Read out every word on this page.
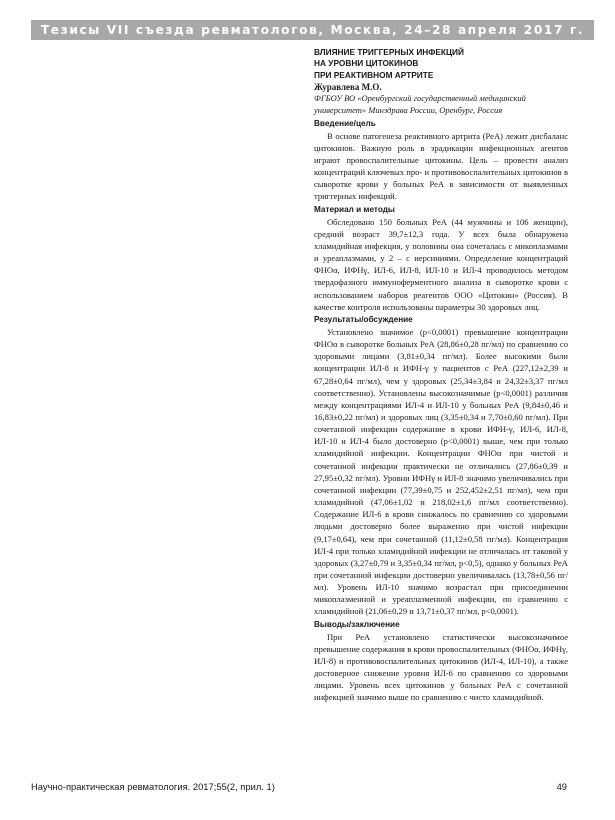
Тезисы VII съезда ревматологов, Москва, 24–28 апреля 2017 г.
ВЛИЯНИЕ ТРИГГЕРНЫХ ИНФЕКЦИЙ
НА УРОВНИ ЦИТОКИНОВ
ПРИ РЕАКТИВНОМ АРТРИТЕ
Журавлева М.О.
ФГБОУ ВО «Оренбургский государственный медицинский университет» Минздрава России, Оренбург, Россия
Введение/цель

В основе патогенеза реактивного артрита (РеА) лежит дисбаланс цитокинов. Важную роль в эрадикации инфекционных агентов играют провоспалительные цитокины. Цель – провести анализ концентраций ключевых про- и противовоспалительных цитокинов в сыворотке крови у больных РеА в зависимости от выявленных триггерных инфекций.

Материал и методы

Обследовано 150 больных РеА (44 мужчины и 106 женщин), средний возраст 39,7±12,3 года. У всех была обнаружена хламидийная инфекция, у половины она сочеталась с микоплазмами и уреаплазмами, у 2 – с иерсиниями. Определение концентраций ФНОα, ИФНγ, ИЛ-6, ИЛ-8, ИЛ-10 и ИЛ-4 проводилось методом твердофазного иммуноферментного анализа в сыворотке крови с использованием наборов реагентов ООО «Цитокин» (Россия). В качестве контроля использованы параметры 30 здоровых лиц.

Результаты/обсуждение

Установлено значимое (р<0,0001) превышение концентрации ФНОα в сыворотке больных РеА (28,86±0,28 пг/мл) по сравнению со здоровыми лицами (3,81±0,34 пг/мл). Более высокими были концентрации ИЛ-8 и ИФН-γ у пациентов с РеА (227,12±2,39 и 67,28±0,64 пг/мл), чем у здоровых (25,34±3,84 и 24,32±3,37 пг/мл соответственно). Установлены высокозначимые (р<0,0001) различия между концентрациями ИЛ-4 и ИЛ-10 у больных РеА (9,84±0,46 и 16,83±0,22 пг/мл) и здоровых лиц (3,35±0,34 и 7,70±0,60 пг/мл). При сочетанной инфекции содержание в крови ИФН-γ, ИЛ-6, ИЛ-8, ИЛ-10 и ИЛ-4 было достоверно (р<0,0001) выше, чем при только хламидийной инфекции. Концентрации ФНОα при чистой и сочетанной инфекции практически не отличались (27,86±0,39 и 27,95±0,32 пг/мл). Уровни ИФНγ и ИЛ-8 значимо увеличивались при сочетанной инфекции (77,39±0,75 и 252,452±2,51 пг/мл), чем при хламидийной (47,06±1,02 и 218,02±1,6 пг/мл соответственно). Содержание ИЛ-6 в крови снижалось по сравнению со здоровыми людьми достоверно более выраженно при чистой инфекции (9,17±0,64), чем при сочетанной (11,12±0,58 пг/мл). Концентрация ИЛ-4 при только хламидийной инфекции не отличалась от таковой у здоровых (3,27±0,79 и 3,35±0,34 пг/мл, р<0,5), однако у больных РеА при сочетанной инфекции достоверно увеличивалась (13,78±0,56 пг/мл). Уровень ИЛ-10 значимо возрастал при присоединении микоплазменной и уреаплазменной инфекции, по сравнению с хламидийной (21,06±0,29 и 13,71±0,37 пг/мл, р<0,0001).

Выводы/заключение

При РеА установлено статистически высокозначимое превышение содержания в крови провоспалительных (ФНОα, ИФНγ, ИЛ-8) и противовоспалительных цитокинов (ИЛ-4, ИЛ-10), а также достоверное снижение уровня ИЛ-6 по сравнению со здоровыми лицами. Уровень всех цитокинов у больных РеА с сочетанной инфекцией значимо выше по сравнению с чисто хламидийной.

Научно-практическая ревматология. 2017;55(2, прил. 1)	49
